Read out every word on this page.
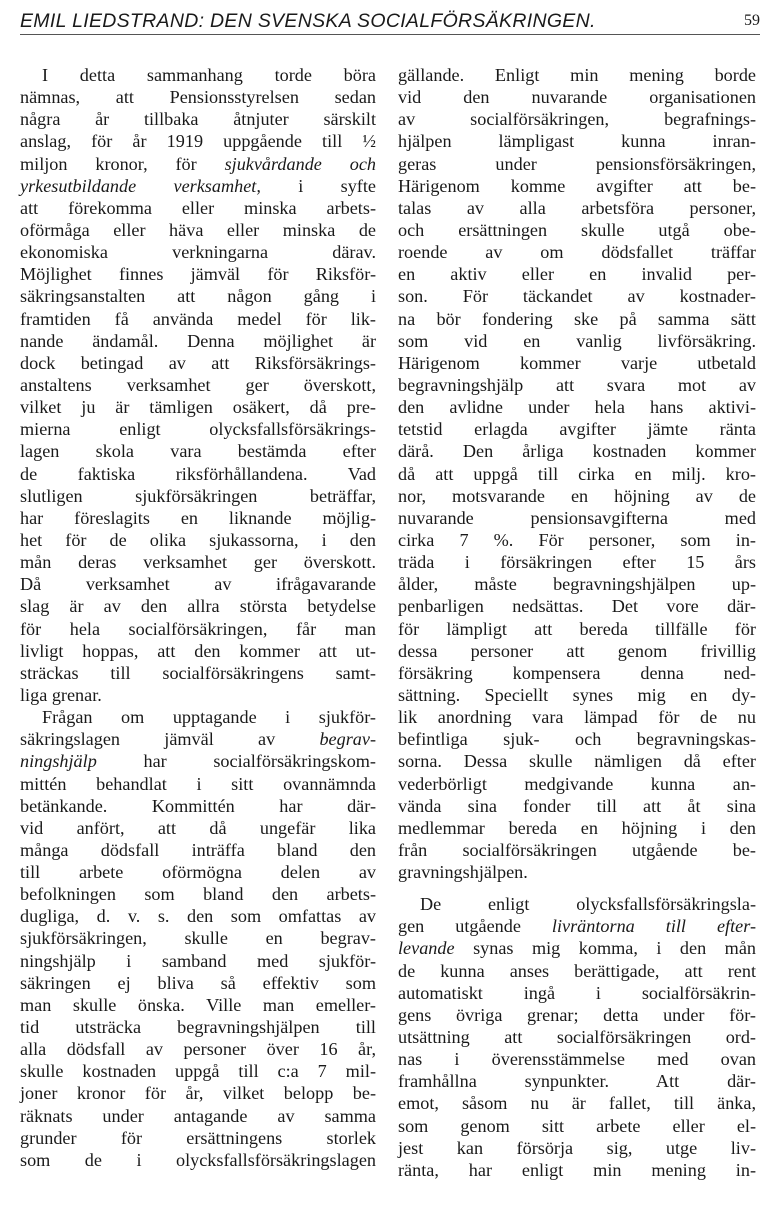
EMIL LIEDSTRAND: DEN SVENSKA SOCIALFÖRSÄKRINGEN.	59
I detta sammanhang torde böra
nämnas, att Pensionsstyrelsen sedan
några år tillbaka åtnjuter särskilt
anslag, för år 1919 uppgående till ½
miljon kronor, för sjukvårdande och
yrkesutbildande verksamhet, i syfte
att förekomma eller minska arbets-
oförmåga eller häva eller minska de
ekonomiska verkningarna därav.
Möjlighet finnes jämväl för Riksför-
säkringsanstalten att någon gång i
framtiden få använda medel för lik-
nande ändamål. Denna möjlighet är
dock betingad av att Riksförsäkrings-
anstaltens verksamhet ger överskott,
vilket ju är tämligen osäkert, då pre-
mierna enligt olycksfallsförsäkrings-
lagen skola vara bestämda efter
de faktiska riksförhållandena. Vad
slutligen sjukförsäkringen beträffar,
har föreslagits en liknande möjlig-
het för de olika sjukassorna, i den
mån deras verksamhet ger överskott.
Då verksamhet av ifrågavarande
slag är av den allra största betydelse
för hela socialförsäkringen, får man
livligt hoppas, att den kommer att ut-
sträckas till socialförsäkringens samt-
liga grenar.
Frågan om upptagande i sjukför-
säkringslagen jämväl av begrav-
ningshjälp har socialförsäkringskom-
mittén behandlat i sitt ovannämnda
betänkande. Kommittén har där-
vid anfört, att då ungefär lika
många dödsfall inträffa bland den
till arbete oförmögna delen av
befolkningen som bland den arbets-
dugliga, d. v. s. den som omfattas av
sjukförsäkringen, skulle en begrav-
ningshjälp i samband med sjukför-
säkringen ej bliva så effektiv som
man skulle önska. Ville man emeller-
tid utsträcka begravningshjälpen till
alla dödsfall av personer över 16 år,
skulle kostnaden uppgå till c:a 7 mil-
joner kronor för år, vilket belopp be-
räknats under antagande av samma
grunder för ersättningens storlek
som de i olycksfallsförsäkringslagen
gällande. Enligt min mening borde
vid den nuvarande organisationen
av socialförsäkringen, begrafnings-
hjälpen lämpligast kunna inran-
geras under pensionsförsäkringen,
Härigenom komme avgifter att be-
talas av alla arbetsföra personer,
och ersättningen skulle utgå obe-
roende av om dödsfallet träffar
en aktiv eller en invalid per-
son. För täckandet av kostnader-
na bör fondering ske på samma sätt
som vid en vanlig livförsäkring.
Härigenom kommer varje utbetald
begravningshjälp att svara mot av
den avlidne under hela hans aktivi-
tetstid erlagda avgifter jämte ränta
därå. Den årliga kostnaden kommer
då att uppgå till cirka en milj. kro-
nor, motsvarande en höjning av de
nuvarande pensionsavgifterna med
cirka 7 %. För personer, som in-
träda i försäkringen efter 15 års
ålder, måste begravningshjälpen up-
penbarligen nedsättas. Det vore där-
för lämpligt att bereda tillfälle för
dessa personer att genom frivillig
försäkring kompensera denna ned-
sättning. Speciellt synes mig en dy-
lik anordning vara lämpad för de nu
befintliga sjuk- och begravningskas-
sorna. Dessa skulle nämligen då efter
vederbörligt medgivande kunna an-
vända sina fonder till att åt sina
medlemmar bereda en höjning i den
från socialförsäkringen utgående be-
gravningshjälpen.
De enligt olycksfallsförsäkringsla-
gen utgående livräntorna till efter-
levande synas mig komma, i den mån
de kunna anses berättigade, att rent
automatiskt ingå i socialförsäkrin-
gens övriga grenar; detta under för-
utsättning att socialförsäkringen ord-
nas i överensstämmelse med ovan
framhållna synpunkter. Att där-
emot, såsom nu är fallet, till änka,
som genom sitt arbete eller el-
jest kan försörja sig, utge liv-
ränta, har enligt min mening in-
